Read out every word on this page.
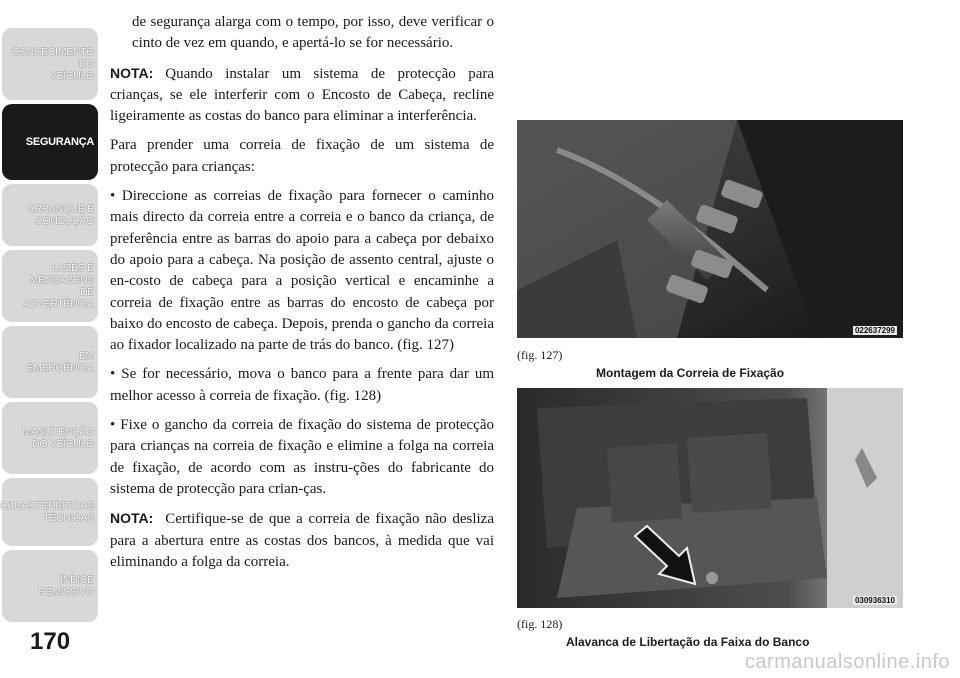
CONHECIMENTO
DO
VEÍCULO
SEGURANÇA
ARRANQUE E
CONDUÇÃO
LUZES E
MENSAGENS
DE
ADVERTÊNCIA
EM
EMERGÊNCIA
MANUTENÇÃO
DO VEÍCULO
CARACTERÍSTICAS
TÉCNICAS
ÍNDICE
REMISSIVO
170

de segurança alarga com o tempo, por isso, deve verificar o cinto de vez em quando, e apertá-lo se for necessário.

NOTA: Quando instalar um sistema de protecção para crianças, se ele interferir com o Encosto de Cabeça, recline ligeiramente as costas do banco para eliminar a interferência.

Para prender uma correia de fixação de um sistema de protecção para crianças:

• Direccione as correias de fixação para fornecer o caminho mais directo da correia entre a correia e o banco da criança, de preferência entre as barras do apoio para a cabeça por debaixo do apoio para a cabeça. Na posição de assento central, ajuste o en-costo de cabeça para a posição vertical e encaminhe a correia de fixação entre as barras do encosto de cabeça por baixo do encosto de cabeça. Depois, prenda o gancho da correia ao fixador localizado na parte de trás do banco. (fig. 127)

• Se for necessário, mova o banco para a frente para dar um melhor acesso à correia de fixação. (fig. 128)

• Fixe o gancho da correia de fixação do sistema de protecção para crianças na correia de fixação e elimine a folga na correia de fixação, de acordo com as instru-ções do fabricante do sistema de protecção para crian-ças.

NOTA: Certifique-se de que a correia de fixação não desliza para a abertura entre as costas dos bancos, à medida que vai eliminando a folga da correia.

022637299
(fig. 127)
Montagem da Correia de Fixação
030936310
(fig. 128)
Alavanca de Libertação da Faixa do Banco
carmanualsonline.info
